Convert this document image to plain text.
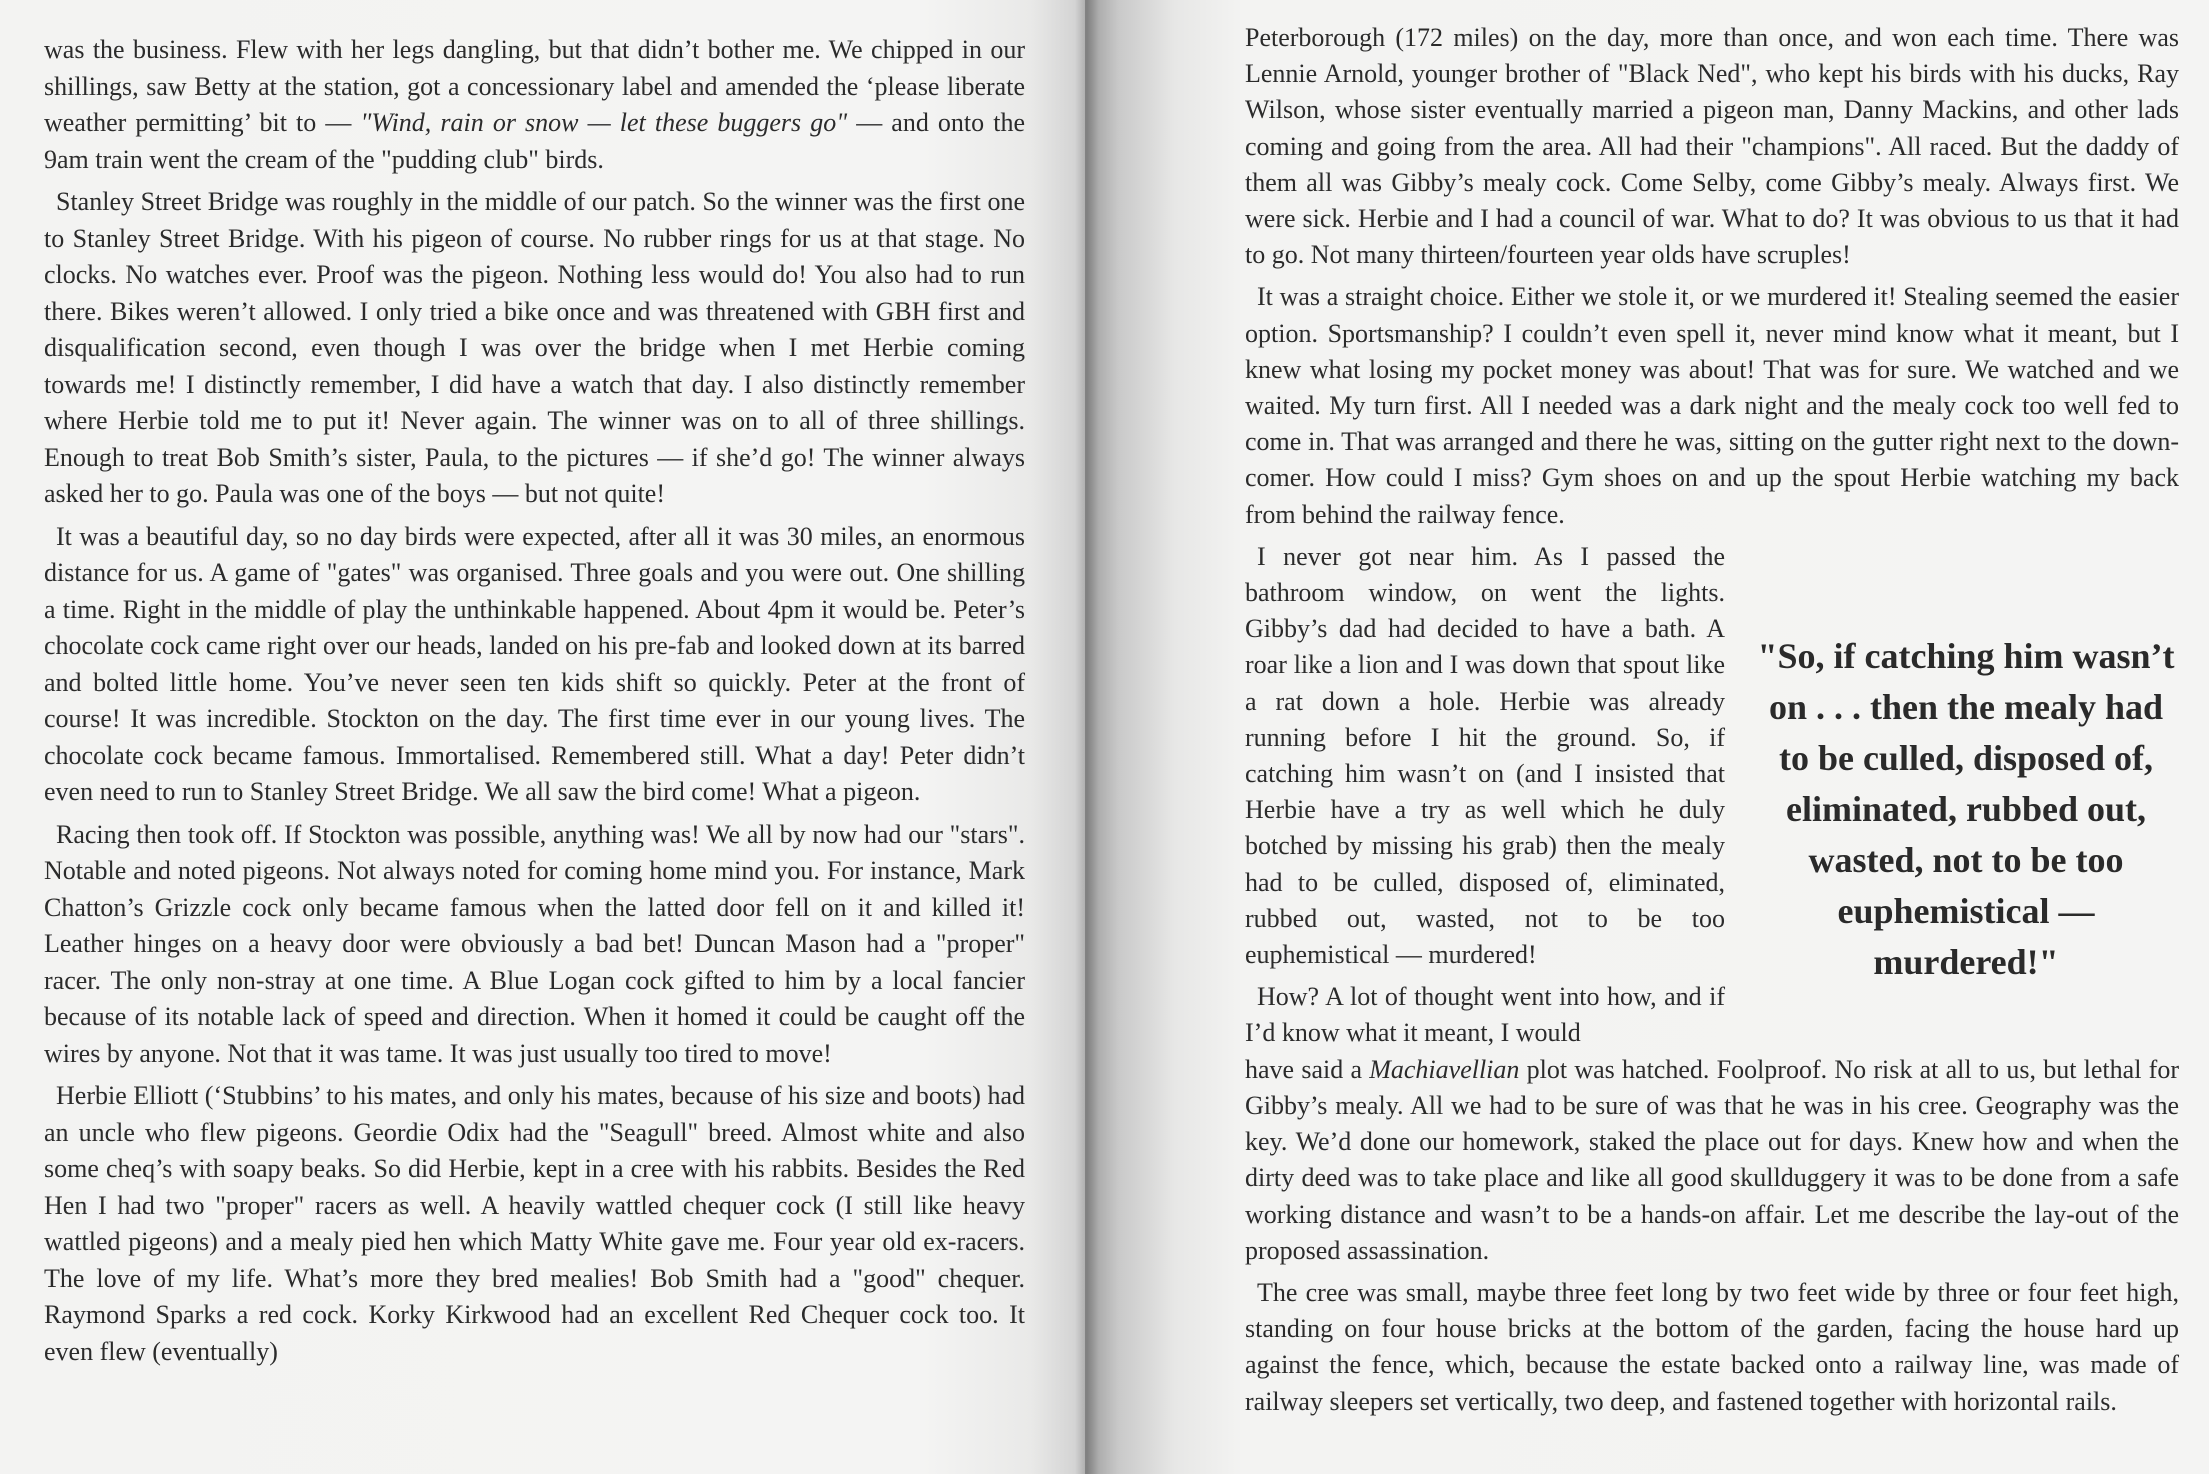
was the business. Flew with her legs dangling, but that didn’t bother me. We chipped in our shillings, saw Betty at the station, got a concessionary label and amended the ‘please liberate weather permitting’ bit to — "Wind, rain or snow — let these buggers go" — and onto the 9am train went the cream of the "pudding club" birds.

Stanley Street Bridge was roughly in the middle of our patch. So the winner was the first one to Stanley Street Bridge. With his pigeon of course. No rubber rings for us at that stage. No clocks. No watches ever. Proof was the pigeon. Nothing less would do! You also had to run there. Bikes weren’t allowed. I only tried a bike once and was threatened with GBH first and disqualification second, even though I was over the bridge when I met Herbie coming towards me! I distinctly remember, I did have a watch that day. I also distinctly remember where Herbie told me to put it! Never again. The winner was on to all of three shillings. Enough to treat Bob Smith’s sister, Paula, to the pictures — if she’d go! The winner always asked her to go. Paula was one of the boys — but not quite!

It was a beautiful day, so no day birds were expected, after all it was 30 miles, an enormous distance for us. A game of "gates" was organised. Three goals and you were out. One shilling a time. Right in the middle of play the unthinkable happened. About 4pm it would be. Peter’s chocolate cock came right over our heads, landed on his pre-fab and looked down at its barred and bolted little home. You’ve never seen ten kids shift so quickly. Peter at the front of course! It was incredible. Stockton on the day. The first time ever in our young lives. The chocolate cock became famous. Immortalised. Remembered still. What a day! Peter didn’t even need to run to Stanley Street Bridge. We all saw the bird come! What a pigeon.

Racing then took off. If Stockton was possible, anything was! We all by now had our "stars". Notable and noted pigeons. Not always noted for coming home mind you. For instance, Mark Chatton’s Grizzle cock only became famous when the latted door fell on it and killed it! Leather hinges on a heavy door were obviously a bad bet! Duncan Mason had a "proper" racer. The only non-stray at one time. A Blue Logan cock gifted to him by a local fancier because of its notable lack of speed and direction. When it homed it could be caught off the wires by anyone. Not that it was tame. It was just usually too tired to move!

Herbie Elliott (‘Stubbins’ to his mates, and only his mates, because of his size and boots) had an uncle who flew pigeons. Geordie Odix had the "Seagull" breed. Almost white and also some cheq’s with soapy beaks. So did Herbie, kept in a cree with his rabbits. Besides the Red Hen I had two "proper" racers as well. A heavily wattled chequer cock (I still like heavy wattled pigeons) and a mealy pied hen which Matty White gave me. Four year old ex-racers. The love of my life. What’s more they bred mealies! Bob Smith had a "good" chequer. Raymond Sparks a red cock. Korky Kirkwood had an excellent Red Chequer cock too. It even flew (eventually)

Peterborough (172 miles) on the day, more than once, and won each time. There was Lennie Arnold, younger brother of "Black Ned", who kept his birds with his ducks, Ray Wilson, whose sister eventually married a pigeon man, Danny Mackins, and other lads coming and going from the area. All had their "champions". All raced. But the daddy of them all was Gibby’s mealy cock. Come Selby, come Gibby’s mealy. Always first. We were sick. Herbie and I had a council of war. What to do? It was obvious to us that it had to go. Not many thirteen/fourteen year olds have scruples!

It was a straight choice. Either we stole it, or we murdered it! Stealing seemed the easier option. Sportsmanship? I couldn’t even spell it, never mind know what it meant, but I knew what losing my pocket money was about! That was for sure. We watched and we waited. My turn first. All I needed was a dark night and the mealy cock too well fed to come in. That was arranged and there he was, sitting on the gutter right next to the down-comer. How could I miss? Gym shoes on and up the spout Herbie watching my back from behind the railway fence.

I never got near him. As I passed the bathroom window, on went the lights. Gibby’s dad had decided to have a bath. A roar like a lion and I was down that spout like a rat down a hole. Herbie was already running before I hit the ground. So, if catching him wasn’t on (and I insisted that Herbie have a try as well which he duly botched by missing his grab) then the mealy had to be culled, disposed of, eliminated, rubbed out, wasted, not to be too euphemistical — murdered!

How? A lot of thought went into how, and if I’d know what it meant, I would

"So, if catching him wasn’t on . . . then the mealy had to be culled, disposed of, eliminated, rubbed out, wasted, not to be too euphemistical — murdered!"

have said a Machiavellian plot was hatched. Foolproof. No risk at all to us, but lethal for Gibby’s mealy. All we had to be sure of was that he was in his cree. Geography was the key. We’d done our homework, staked the place out for days. Knew how and when the dirty deed was to take place and like all good skullduggery it was to be done from a safe working distance and wasn’t to be a hands-on affair. Let me describe the lay-out of the proposed assassination.

The cree was small, maybe three feet long by two feet wide by three or four feet high, standing on four house bricks at the bottom of the garden, facing the house hard up against the fence, which, because the estate backed onto a railway line, was made of railway sleepers set vertically, two deep, and fastened together with horizontal rails.
